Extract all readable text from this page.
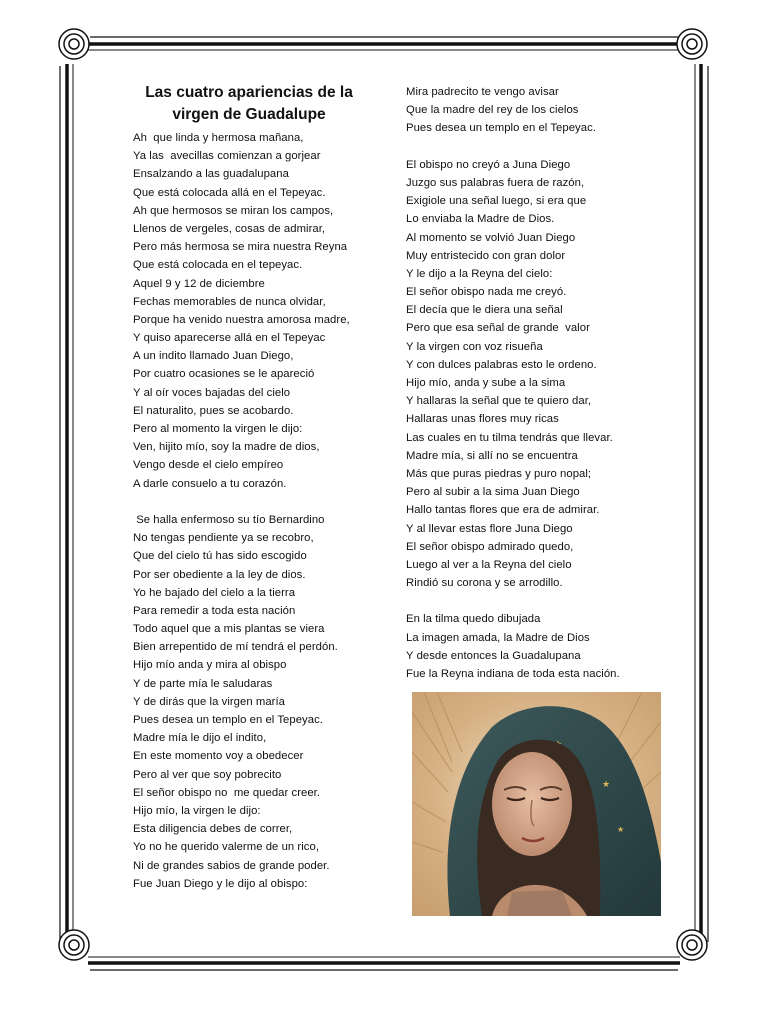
Las cuatro apariencias de la
virgen de Guadalupe
Ah  que linda y hermosa mañana,
Ya las  avecillas comienzan a gorjear
Ensalzando a las guadalupana
Que está colocada allá en el Tepeyac.
Ah que hermosos se miran los campos,
Llenos de vergeles, cosas de admirar,
Pero más hermosa se mira nuestra Reyna
Que está colocada en el tepeyac.
Aquel 9 y 12 de diciembre
Fechas memorables de nunca olvidar,
Porque ha venido nuestra amorosa madre,
Y quiso aparecerse allá en el Tepeyac
A un indito llamado Juan Diego,
Por cuatro ocasiones se le apareció
Y al oír voces bajadas del cielo
El naturalito, pues se acobardo.
Pero al momento la virgen le dijo:
Ven, hijito mío, soy la madre de dios,
Vengo desde el cielo empíreo
A darle consuelo a tu corazón.
Se halla enfermoso su tío Bernardino
No tengas pendiente ya se recobro,
Que del cielo tú has sido escogido
Por ser obediente a la ley de dios.
Yo he bajado del cielo a la tierra
Para remedir a toda esta nación
Todo aquel que a mis plantas se viera
Bien arrepentido de mí tendrá el perdón.
Hijo mío anda y mira al obispo
Y de parte mía le saludaras
Y de dirás que la virgen maría
Pues desea un templo en el Tepeyac.
Madre mía le dijo el indito,
En este momento voy a obedecer
Pero al ver que soy pobrecito
El señor obispo no  me quedar creer.
Hijo mío, la virgen le dijo:
Esta diligencia debes de correr,
Yo no he querido valerme de un rico,
Ni de grandes sabios de grande poder.
Fue Juan Diego y le dijo al obispo:
Mira padrecito te vengo avisar
Que la madre del rey de los cielos
Pues desea un templo en el Tepeyac.
El obispo no creyó a Juna Diego
Juzgo sus palabras fuera de razón,
Exigiole una señal luego, si era que
Lo enviaba la Madre de Dios.
Al momento se volvió Juan Diego
Muy entristecido con gran dolor
Y le dijo a la Reyna del cielo:
El señor obispo nada me creyó.
El decía que le diera una señal
Pero que esa señal de grande  valor
Y la virgen con voz risueña
Y con dulces palabras esto le ordeno.
Hijo mío, anda y sube a la sima
Y hallaras la señal que te quiero dar,
Hallaras unas flores muy ricas
Las cuales en tu tilma tendrás que llevar.
Madre mía, si allí no se encuentra
Más que puras piedras y puro nopal;
Pero al subir a la sima Juan Diego
Hallo tantas flores que era de admirar.
Y al llevar estas flore Juna Diego
El señor obispo admirado quedo,
Luego al ver a la Reyna del cielo
Rindió su corona y se arrodillo.
En la tilma quedo dibujada
La imagen amada, la Madre de Dios
Y desde entonces la Guadalupana
Fue la Reyna indiana de toda esta nación.
★
★
